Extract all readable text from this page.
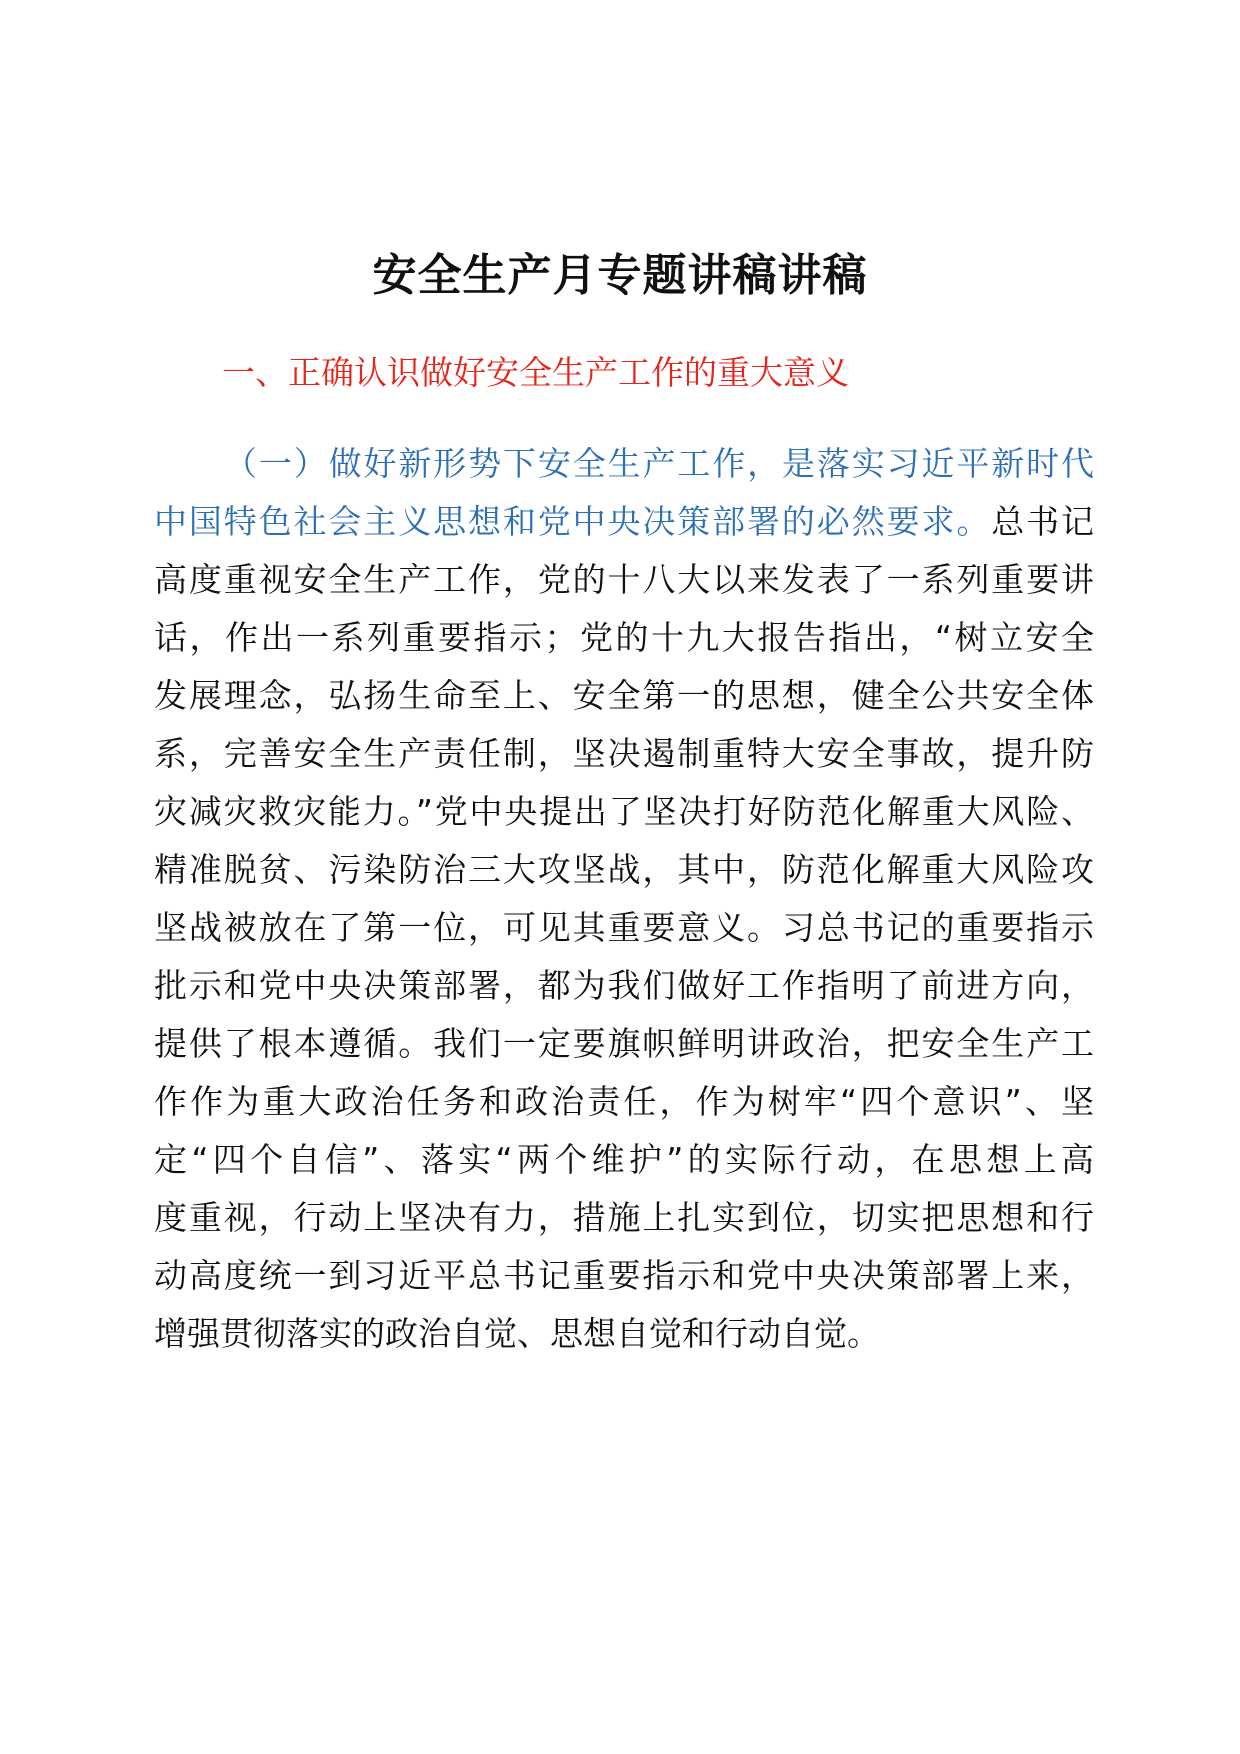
安全生产月专题讲稿讲稿
一、正确认识做好安全生产工作的重大意义
（一）做好新形势下安全生产工作，是落实习近平新时代
中国特色社会主义思想和党中央决策部署的必然要求。总书记
高度重视安全生产工作，党的十八大以来发表了一系列重要讲
话，作出一系列重要指示；党的十九大报告指出，“树立安全
发展理念，弘扬生命至上、安全第一的思想，健全公共安全体
系，完善安全生产责任制，坚决遏制重特大安全事故，提升防
灾减灾救灾能力。”党中央提出了坚决打好防范化解重大风险、
精准脱贫、污染防治三大攻坚战，其中，防范化解重大风险攻
坚战被放在了第一位，可见其重要意义。习总书记的重要指示
批示和党中央决策部署，都为我们做好工作指明了前进方向，
提供了根本遵循。我们一定要旗帜鲜明讲政治，把安全生产工
作作为重大政治任务和政治责任，作为树牢“四个意识”、坚
定“四个自信”、落实“两个维护”的实际行动，在思想上高
度重视，行动上坚决有力，措施上扎实到位，切实把思想和行
动高度统一到习近平总书记重要指示和党中央决策部署上来，
增强贯彻落实的政治自觉、思想自觉和行动自觉。
